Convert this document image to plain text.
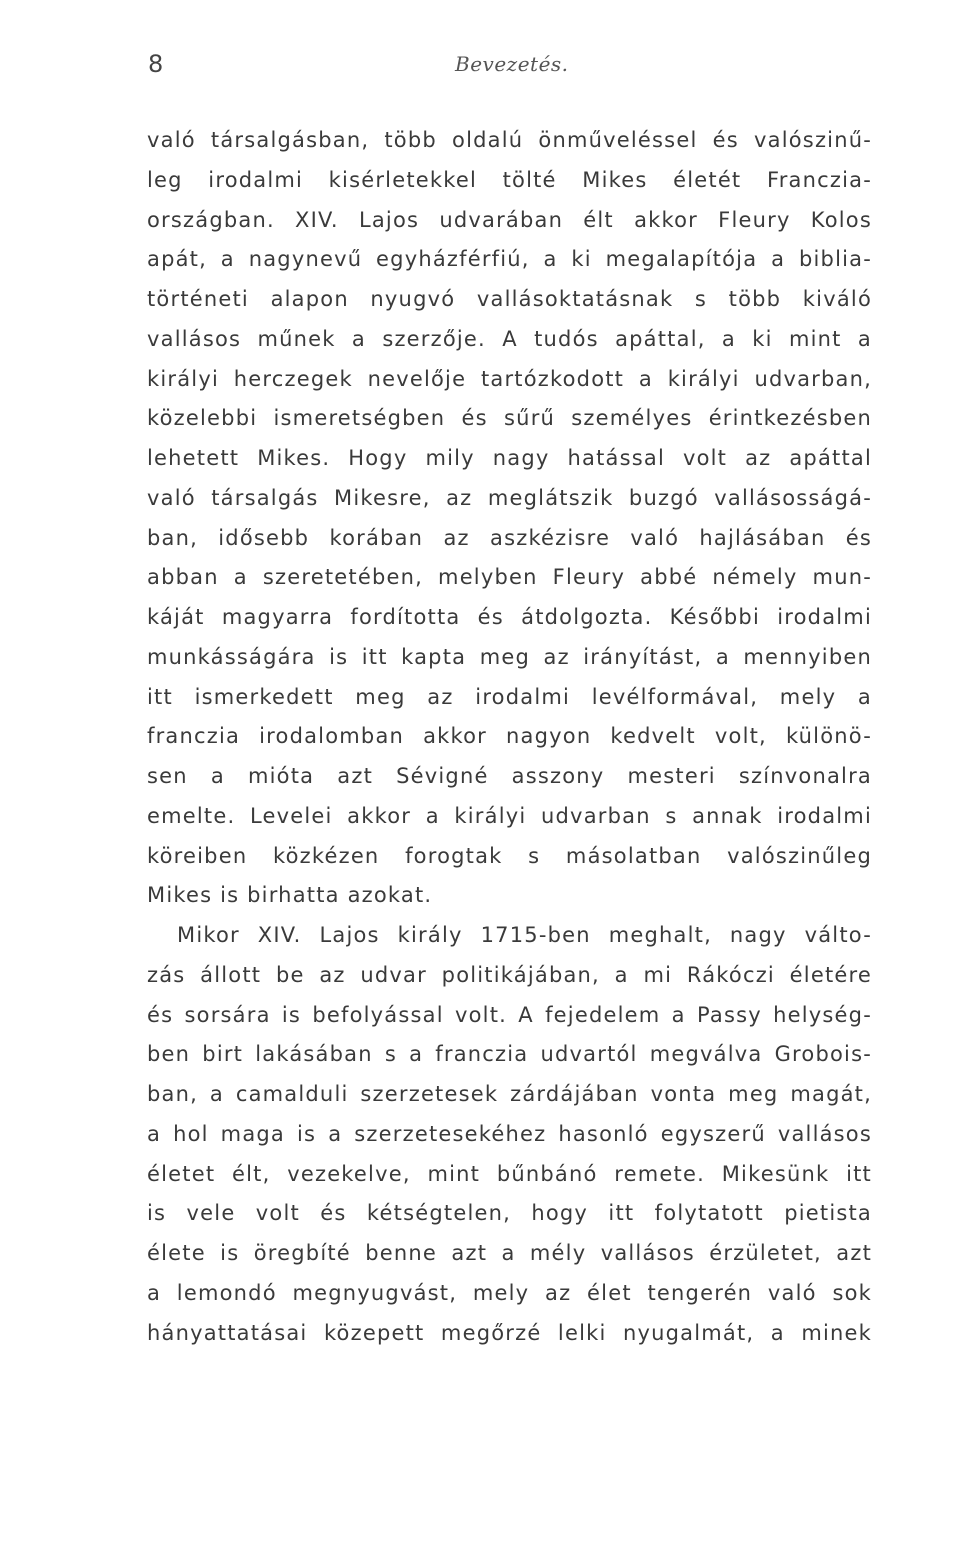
8	Bevezetés.
való társalgásban, több oldalú önműveléssel és valószinű-
leg irodalmi kisérletekkel tölté Mikes életét Franczia-
országban. XIV. Lajos udvarában élt akkor Fleury Kolos
apát, a nagynevű egyházférfiú, a ki megalapítója a biblia-
történeti alapon nyugvó vallásoktatásnak s több kiváló
vallásos műnek a szerzője. A tudós apáttal, a ki mint a
királyi herczegek nevelője tartózkodott a királyi udvarban,
közelebbi ismeretségben és sűrű személyes érintkezésben
lehetett Mikes. Hogy mily nagy hatással volt az apáttal
való társalgás Mikesre, az meglátszik buzgó vallásosságá-
ban, idősebb korában az aszkézisre való hajlásában és
abban a szeretetében, melyben Fleury abbé némely mun-
káját magyarra fordította és átdolgozta. Későbbi irodalmi
munkásságára is itt kapta meg az irányítást, a mennyiben
itt ismerkedett meg az irodalmi levélformával, mely a
franczia irodalomban akkor nagyon kedvelt volt, különö-
sen a mióta azt Sévigné asszony mesteri színvonalra
emelte. Levelei akkor a királyi udvarban s annak irodalmi
köreiben közkézen forogtak s másolatban valószinűleg
Mikes is birhatta azokat.
Mikor XIV. Lajos király 1715-ben meghalt, nagy válto-
zás állott be az udvar politikájában, a mi Rákóczi életére
és sorsára is befolyással volt. A fejedelem a Passy helység-
ben birt lakásában s a franczia udvartól megválva Grobois-
ban, a camalduli szerzetesek zárdájában vonta meg magát,
a hol maga is a szerzetesekéhez hasonló egyszerű vallásos
életet élt, vezekelve, mint bűnbánó remete. Mikesünk itt
is vele volt és kétségtelen, hogy itt folytatott pietista
élete is öregbíté benne azt a mély vallásos érzületet, azt
a lemondó megnyugvást, mely az élet tengerén való sok
hányattatásai közepett megőrzé lelki nyugalmát, a minek
